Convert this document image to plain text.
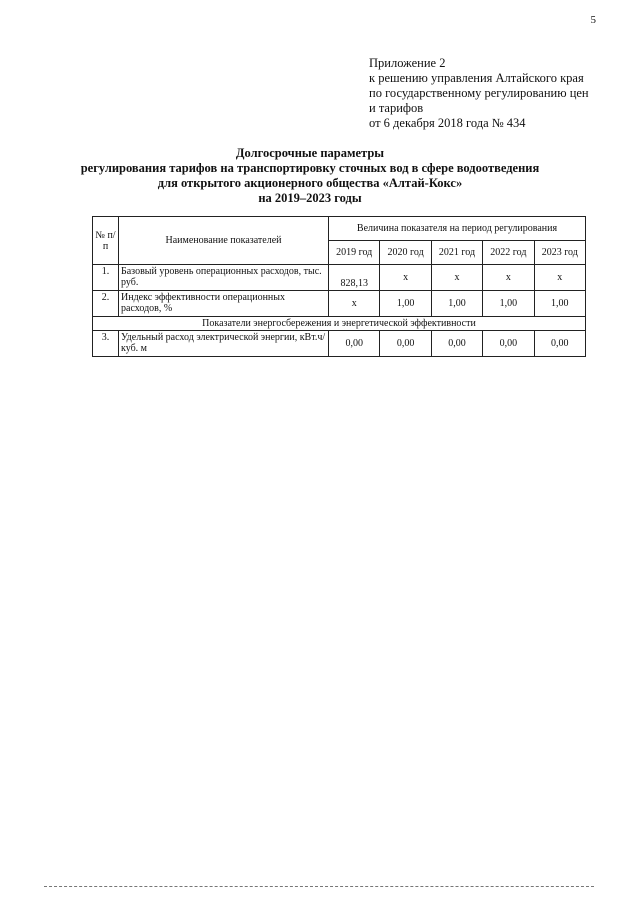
5
Приложение 2
к решению управления Алтайского края
по государственному регулированию цен
и тарифов
от 6 декабря 2018 года № 434
Долгосрочные параметры
регулирования тарифов на транспортировку сточных вод в сфере водоотведения
для открытого акционерного общества «Алтай-Кокс»
на 2019–2023 годы
№ п/п	Наименование показателей	Величина показателя на период регулирования				
		2019 год	2020 год	2021 год	2022 год	2023 год
1.	Базовый уровень операционных расходов, тыс. руб.	828,13	x	x	x	x
2.	Индекс эффективности операционных расходов, %	x	1,00	1,00	1,00	1,00
Показатели энергосбережения и энергетической эффективности						
3.	Удельный расход электрической энергии, кВт.ч/куб. м	0,00	0,00	0,00	0,00	0,00
